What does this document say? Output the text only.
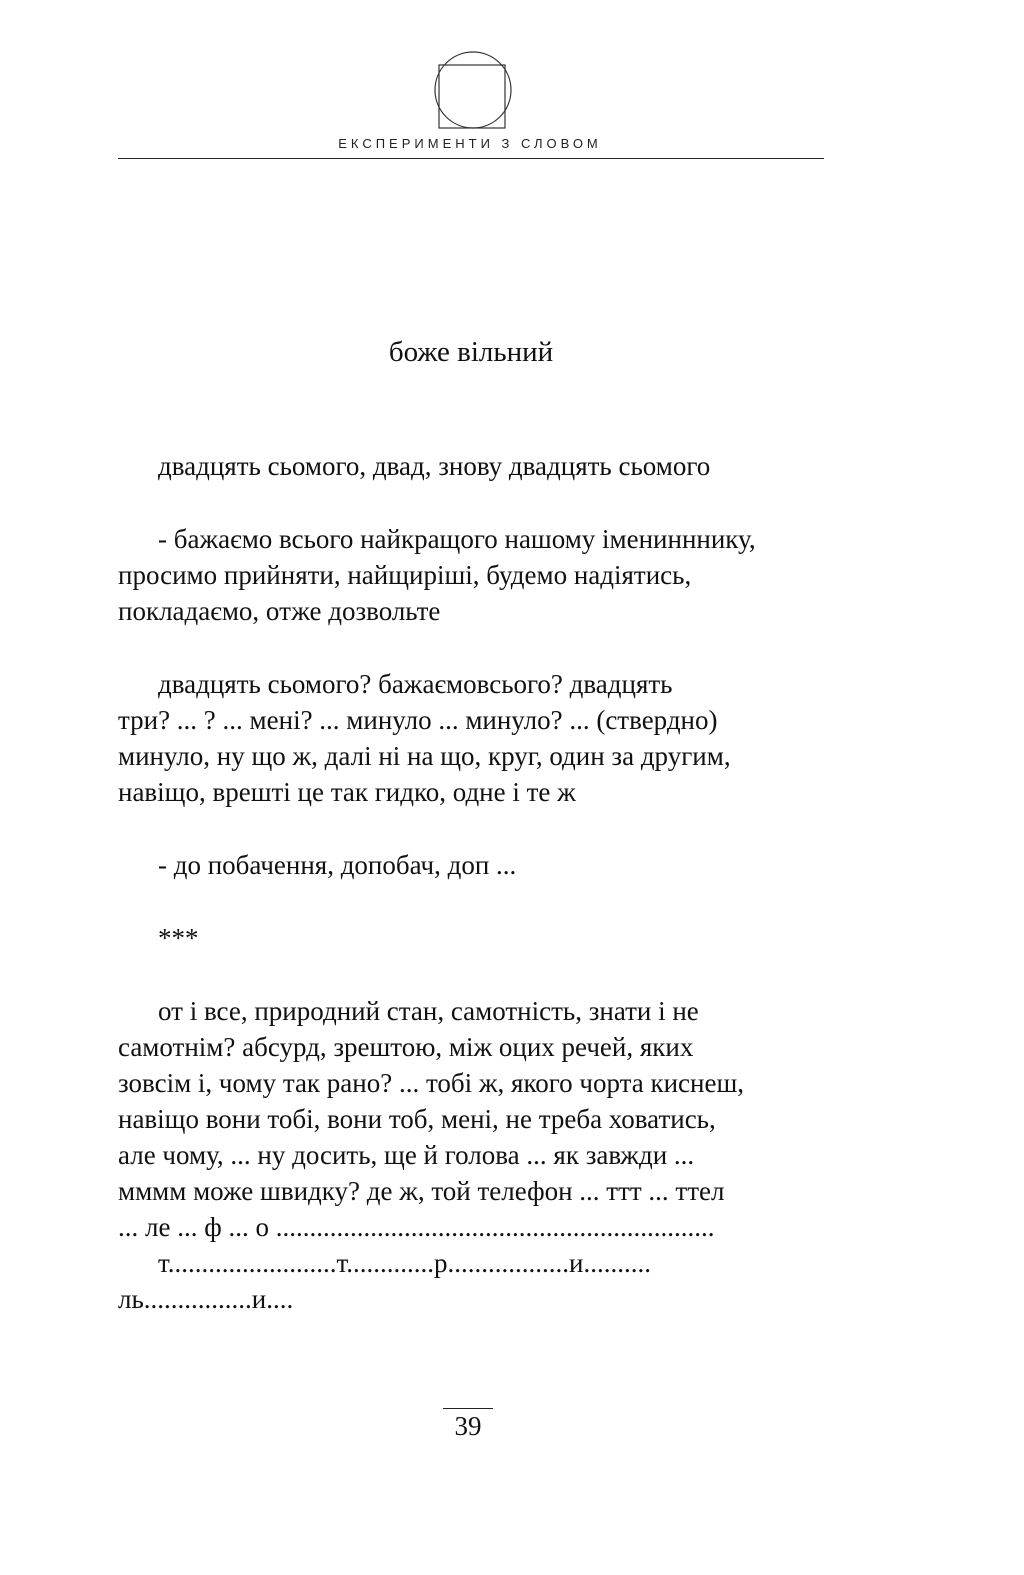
ЕКСПЕРИМЕНТИ З СЛОВОМ
боже вільний
двадцять сьомого, двад, знову двадцять сьомого
- бажаємо всього найкращого нашому іменинннику,
просимо прийняти, найщиріші, будемо надіятись,
покладаємо, отже дозвольте
двадцять сьомого? бажаємовсього? двадцять
три? ... ? ... мені? ... минуло ... минуло? ... (ствердно)
минуло, ну що ж, далі ні на що, круг, один за другим,
навіщо, врешті це так гидко, одне і те ж
- до побачення, допобач, доп ...
***
от і все, природний стан, самотність, знати і не
самотнім? абсурд, зрештою, між оцих речей, яких
зовсім і, чому так рано? ... тобі ж, якого чорта киснеш,
навіщо вони тобі, вони тоб, мені, не треба ховатись,
але чому, ... ну досить, ще й голова ... як завжди ...
мммм може швидку? де ж, той телефон ... ттт ... ттел
... ле ... ф ... о .................................................................
т.........................т.............р..................и..........
ль................и....
39
